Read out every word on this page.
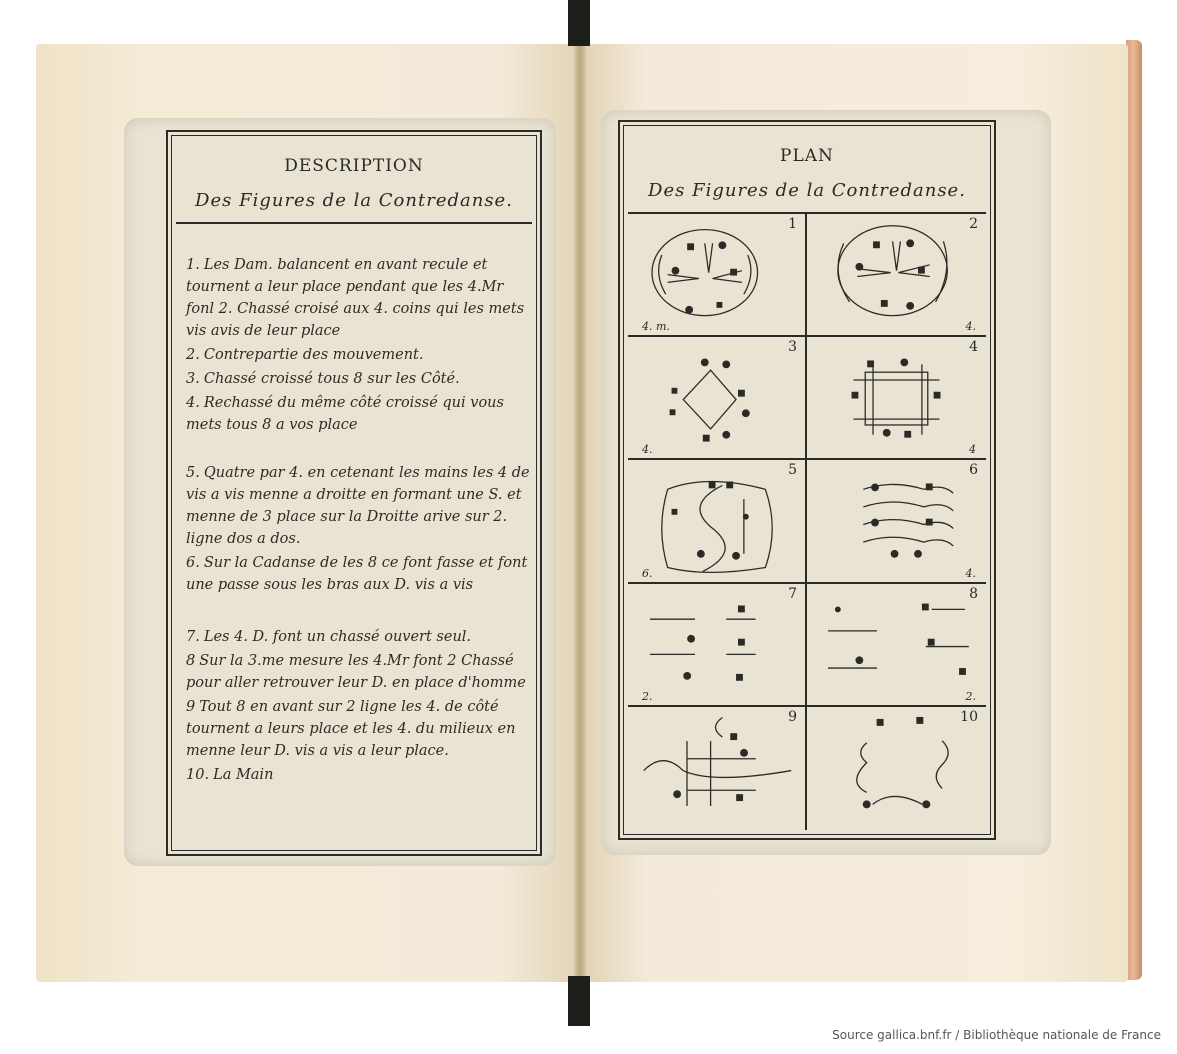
DESCRIPTION
Des Figures de la Contredanse.
1. Les Dam. balancent en avant recule et tournent a leur place pendant que les 4.Mr fonl 2. Chassé croisé aux 4. coins qui les mets vis avis de leur place
2. Contrepartie des mouvement.
3. Chassé croissé tous 8 sur les Côté.
4. Rechassé du même côté croissé qui vous mets tous 8 a vos place
5. Quatre par 4. en cetenant les mains les 4 de vis a vis menne a droitte en formant une S. et menne de 3 place sur la Droitte arive sur 2. ligne dos a dos.
6. Sur la Cadanse de les 8 ce font fasse et font une passe sous les bras aux D. vis a vis
7. Les 4. D. font un chassé ouvert seul.
8 Sur la 3.me mesure les 4.Mr font 2 Chassé pour aller retrouver leur D. en place d'homme
9 Tout 8 en avant sur 2 ligne les 4. de côté tournent a leurs place et les 4. du milieux en menne leur D. vis a vis a leur place.
10. La Main
PLAN
Des Figures de la Contredanse.
1
4. m.
2
4.
3
4.
4
4
5
6.
6
4.
7
2.
8
2.
9	10
Source gallica.bnf.fr / Bibliothèque nationale de France
